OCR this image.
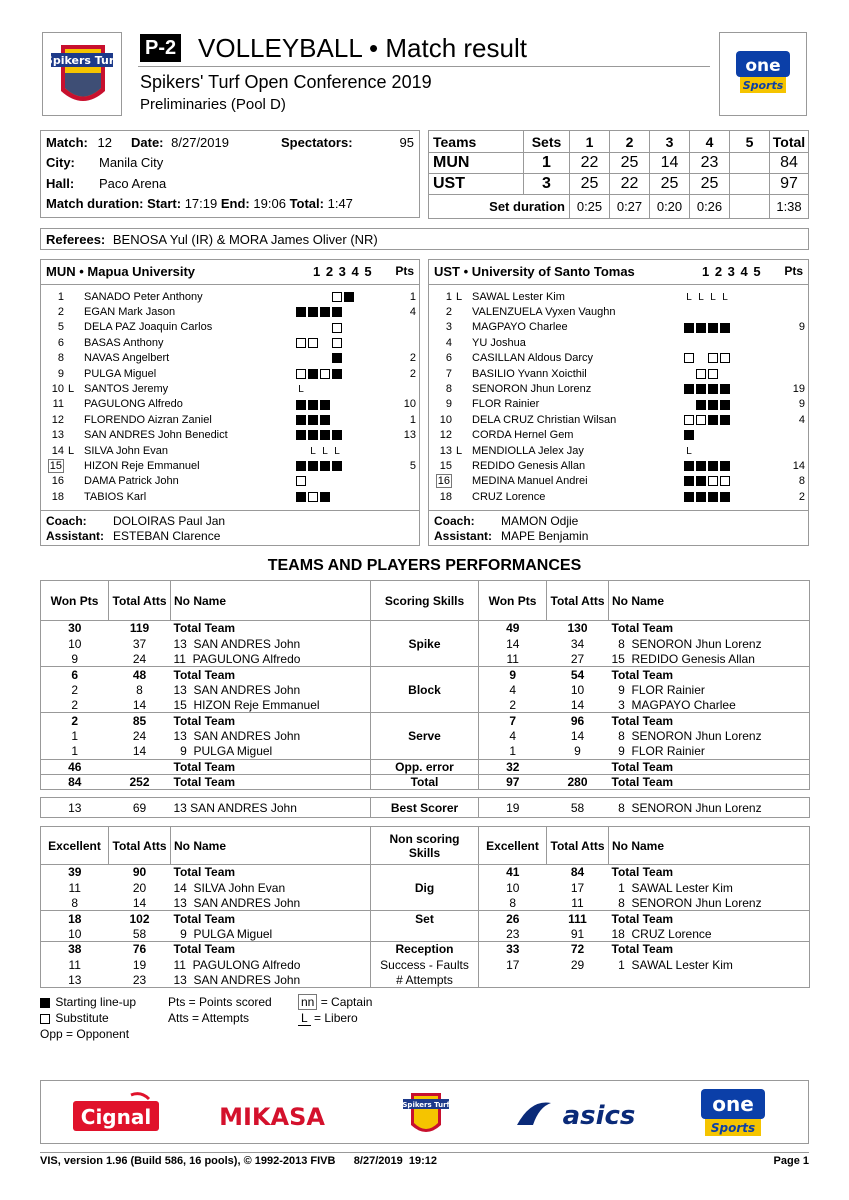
Spikers Turf
P-2 VOLLEYBALL • Match result
Spikers' Turf Open Conference 2019
Preliminaries (Pool D)
one
Sports
Match: 12 Date: 8/27/2019	Spectators:	95
City: Manila City
Hall: Paco Arena
Match duration: Start: 17:19 End: 19:06 Total: 1:47
Teams	Sets	1	2	3	4	5	Total
MUN	1	22	25	14	23		84
UST	3	25	22	25	25		97
Set duration		0:25	0:27	0:20	0:26		1:38
Referees: BENOSA Yul (IR) & MORA James Oliver (NR)
MUN • Mapua University	1 2 3 4 5 Pts
1		SANADO Peter Anthony		1
2		EGAN Mark Jason		4
5		DELA PAZ Joaquin Carlos		
6		BASAS Anthony		
8		NAVAS Angelbert		2
9		PULGA Miguel		2
10	L	SANTOS Jeremy	L	
11		PAGULONG Alfredo		10
12		FLORENDO Aizran Zaniel		1
13		SAN ANDRES John Benedict		13
14	L	SILVA John Evan	L L L	
15		HIZON Reje Emmanuel		5
16		DAMA Patrick John		
18		TABIOS Karl		
Coach: DOLOIRAS Paul Jan
Assistant: ESTEBAN Clarence
UST • University of Santo Tomas	1 2 3 4 5 Pts
1	L	SAWAL Lester Kim	L L L L	
2		VALENZUELA Vyxen Vaughn		
3		MAGPAYO Charlee		9
4		YU Joshua		
6		CASILLAN Aldous Darcy		
7		BASILIO Yvann Xoicthil		
8		SENORON Jhun Lorenz		19
9		FLOR Rainier		9
10		DELA CRUZ Christian Wilsan		4
12		CORDA Hernel Gem		
13	L	MENDIOLLA Jelex Jay	L	
15		REDIDO Genesis Allan		14
16		MEDINA Manuel Andrei		8
18		CRUZ Lorence		2
Coach: MAMON Odjie
Assistant: MAPE Benjamin
TEAMS AND PLAYERS PERFORMANCES
Won Pts	Total Atts	No Name	Scoring Skills	Won Pts	Total Atts	No Name
30	119	Total Team		49	130	Total Team
10	37	13  SAN ANDRES John	Spike	14	34	8  SENORON Jhun Lorenz
9	24	11  PAGULONG Alfredo		11	27	15  REDIDO Genesis Allan
6	48	Total Team		9	54	Total Team
2	8	13  SAN ANDRES John	Block	4	10	9  FLOR Rainier
2	14	15  HIZON Reje Emmanuel		2	14	3  MAGPAYO Charlee
2	85	Total Team		7	96	Total Team
1	24	13  SAN ANDRES John	Serve	4	14	8  SENORON Jhun Lorenz
1	14	9  PULGA Miguel		1	9	9  FLOR Rainier
46		Total Team	Opp. error	32		Total Team
84	252	Total Team	Total	97	280	Total Team
13	69	13 SAN ANDRES John	Best Scorer	19	58	8  SENORON Jhun Lorenz
Excellent	Total Atts	No Name	Non scoring Skills	Excellent	Total Atts	No Name
39	90	Total Team		41	84	Total Team
11	20	14  SILVA John Evan	Dig	10	17	1  SAWAL Lester Kim
8	14	13  SAN ANDRES John		8	11	8  SENORON Jhun Lorenz
18	102	Total Team	Set	26	111	Total Team
10	58	9  PULGA Miguel		23	91	18  CRUZ Lorence
38	76	Total Team	Reception	33	72	Total Team
11	19	11  PAGULONG Alfredo	Success - Faults	17	29	1  SAWAL Lester Kim
13	23	13  SAN ANDRES John	# Attempts			
Starting line-up
Substitute
Opp = Opponent
Pts = Points scored
Atts = Attempts
nn = Captain
L = Libero
Cignal	MIKASA	Spikers Turf	asics	one
Sports
VIS, version 1.96 (Build 586, 16 pools), © 1992-2013 FIVB      8/27/2019  19:12	Page 1
